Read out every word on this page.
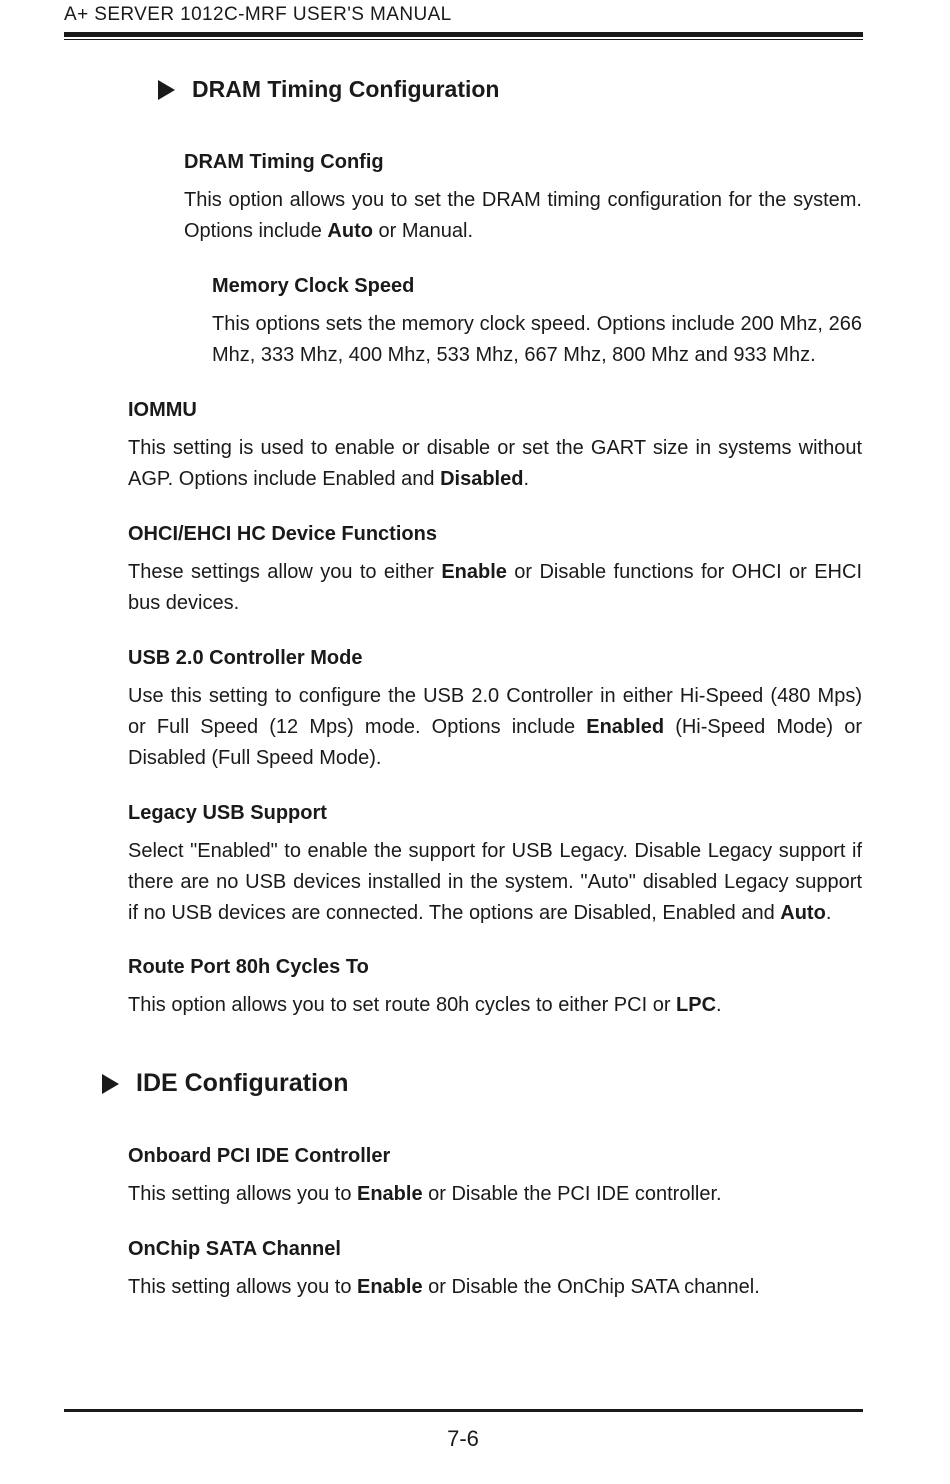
A+ SERVER 1012C-MRF USER'S MANUAL
DRAM Timing Configuration
DRAM Timing Config

This option allows you to set the DRAM timing configuration for the system. Options include Auto or Manual.

Memory Clock Speed

This options sets the memory clock speed. Options include 200 Mhz, 266 Mhz, 333 Mhz, 400 Mhz, 533 Mhz, 667 Mhz, 800 Mhz and 933 Mhz.

IOMMU

This setting is used to enable or disable or set the GART size in systems without AGP. Options include Enabled and Disabled.

OHCI/EHCI HC Device Functions

These settings allow you to either Enable or Disable functions for OHCI or EHCI bus devices.

USB 2.0 Controller Mode

Use this setting to configure the USB 2.0 Controller in either Hi-Speed (480 Mps) or Full Speed (12 Mps) mode. Options include Enabled (Hi-Speed Mode) or Disabled (Full Speed Mode).

Legacy USB Support

Select "Enabled" to enable the support for USB Legacy. Disable Legacy support if there are no USB devices installed in the system. "Auto" disabled Legacy support if no USB devices are connected. The options are Disabled, Enabled and Auto.

Route Port 80h Cycles To

This option allows you to set route 80h cycles to either PCI or LPC.

IDE Configuration
Onboard PCI IDE Controller

This setting allows you to Enable or Disable the PCI IDE controller.

OnChip SATA Channel

This setting allows you to Enable or Disable the OnChip SATA channel.

7-6
